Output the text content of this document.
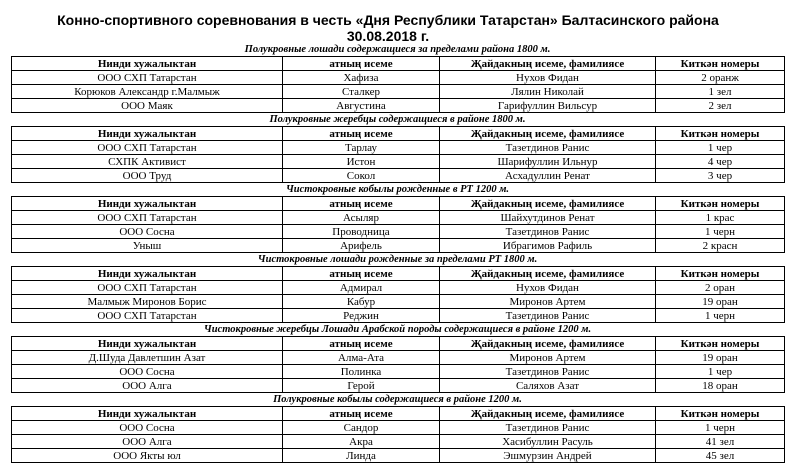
Конно-спортивного соревнования в честь «Дня Республики Татарстан» Балтасинского района
30.08.2018 г.
Полукровные лошади содержащиеся за пределами района 1800 м.
Нинди хужалыктан	атның исеме	Җайдакның исеме, фамилиясе	Киткән номеры
ООО СХП Татарстан	Хафиза	Нухов Фидан	2 оранж
Корюков Александр г.Малмыж	Сталкер	Лялин Николай	1 зел
ООО Маяк	Августина	Гарифуллин Вильсур	2 зел
Полукровные жеребцы содержащиеся в районе 1800 м.
Нинди хужалыктан	атның исеме	Җайдакның исеме, фамилиясе	Киткән номеры
ООО СХП Татарстан	Тарлау	Тазетдинов Ранис	1 чер
СХПК Активист	Истон	Шарифуллин Ильнур	4 чер
ООО Труд	Сокол	Асхадуллин Ренат	3 чер
Чистокровные кобылы рожденные в РТ 1200 м.
Нинди хужалыктан	атның исеме	Җайдакның исеме, фамилиясе	Киткән номеры
ООО СХП Татарстан	Асыляр	Шайхутдинов Ренат	1 крас
ООО Сосна	Проводница	Тазетдинов Ранис	1 черн
Уныш	Арифель	Ибрагимов Рафиль	2 красн
Чистокровные лошади рожденные за пределами РТ 1800 м.
Нинди хужалыктан	атның исеме	Җайдакның исеме, фамилиясе	Киткән номеры
ООО СХП Татарстан	Адмирал	Нухов Фидан	2 оран
Малмыж Миронов Борис	Кабур	Миронов Артем	19 оран
ООО СХП Татарстан	Реджин	Тазетдинов Ранис	1 черн
Чистокровные жеребцы Лошади Арабской породы содержащиеся в районе 1200 м.
Нинди хужалыктан	атның исеме	Җайдакның исеме, фамилиясе	Киткән номеры
Д.Шуда Давлетшин Азат	Алма-Ата	Миронов Артем	19 оран
ООО Сосна	Полинка	Тазетдинов Ранис	1 чер
ООО Алга	Герой	Саляхов Азат	18 оран
Полукровные кобылы содержащиеся в районе 1200 м.
Нинди хужалыктан	атның исеме	Җайдакның исеме, фамилиясе	Киткән номеры
ООО Сосна	Сандор	Тазетдинов Ранис	1 черн
ООО Алга	Акра	Хасибуллин Расуль	41 зел
ООО Якты юл	Линда	Эшмурзин Андрей	45 зел
